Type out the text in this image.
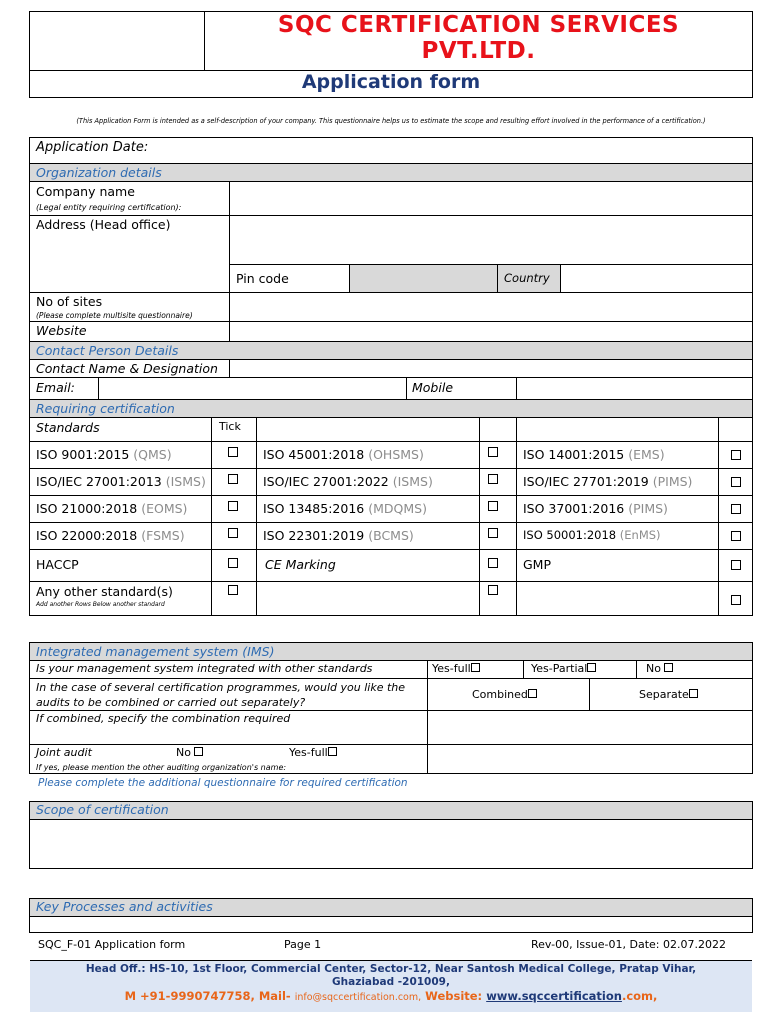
SQC CERTIFICATION SERVICES
PVT.LTD.
Application form
(This Application Form is intended as a self-description of your company. This questionnaire helps us to estimate the scope and resulting effort involved in the performance of a certification.)
Application Date:
Organization details
Company name
(Legal entity requiring certification):
Address (Head office)
Pin code	Country
No of sites
(Please complete multisite questionnaire)
Website
Contact Person Details
Contact Name & Designation
Email:	Mobile
Requiring certification
Standards	Tick
ISO 9001:2015 (QMS)	ISO 45001:2018 (OHSMS)	ISO 14001:2015 (EMS)
ISO/IEC 27001:2013 (ISMS)	ISO/IEC 27001:2022 (ISMS)	ISO/IEC 27701:2019 (PIMS)
ISO 21000:2018 (EOMS)	ISO 13485:2016 (MDQMS)	ISO 37001:2016 (PIMS)
ISO 22000:2018 (FSMS)	ISO 22301:2019 (BCMS)	ISO 50001:2018 (EnMS)
HACCP	CE Marking	GMP
Any other standard(s)
Add another Rows Below another standard
Integrated management system (IMS)
Is your management system integrated with other standards	Yes-full	Yes-Partial	No
In the case of several certification programmes, would you like the
audits to be combined or carried out separately?
Combined	Separate
If combined, specify the combination required
Joint audit	No	Yes-full
If yes, please mention the other auditing organization's name:
Please complete the additional questionnaire for required certification
Scope of certification
Key Processes and activities
SQC_F-01 Application form	Page 1	Rev-00, Issue-01, Date: 02.07.2022
Head Off.: HS-10, 1st Floor, Commercial Center, Sector-12, Near Santosh Medical College, Pratap Vihar,
Ghaziabad -201009,
M +91-9990747758, Mail- info@sqccertification.com, Website: www.sqccertification.com,
